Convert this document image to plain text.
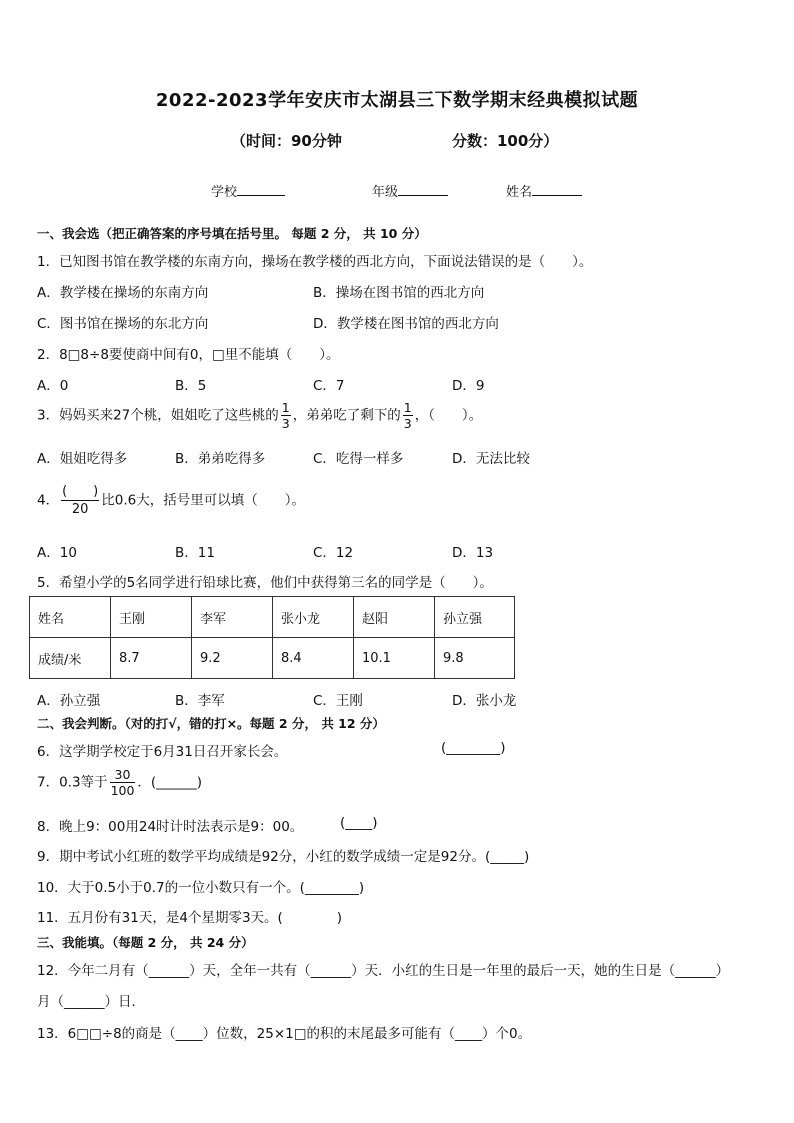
2022-2023学年安庆市太湖县三下数学期末经典模拟试题
（时间：90分钟	分数：100分）
学校	年级	姓名
一、我会选（把正确答案的序号填在括号里。 每题 2 分， 共 10 分）
1．已知图书馆在教学楼的东南方向，操场在教学楼的西北方向，下面说法错误的是（　　）。
A．教学楼在操场的东南方向	B．操场在图书馆的西北方向
C．图书馆在操场的东北方向	D．教学楼在图书馆的西北方向
2．8□8÷8要使商中间有0，□里不能填（　　）。
A．0	B．5	C．7	D．9
3．妈妈买来27个桃，姐姐吃了这些桃的 $\frac{1}{3}$ ，弟弟吃了剩下的 $\frac{1}{3}$ ，（　　）。
A．姐姐吃得多	B．弟弟吃得多	C．吃得一样多	D．无法比较
4． $\frac{( )}{20}$ 比0.6大，括号里可以填（　　）。
A．10	B．11	C．12	D．13
5．希望小学的5名同学进行铅球比赛，他们中获得第三名的同学是（　　）。
姓名	王刚	李军	张小龙	赵阳	孙立强
成绩/米	8.7	9.2	8.4	10.1	9.8
A．孙立强	B．李军	C．王刚	D．张小龙
二、我会判断。（对的打√，错的打×。每题 2 分， 共 12 分）
6．这学期学校定于6月31日召开家长会。	(________)
7．0.3等于 $\frac{30}{100}$ ．(______)
8．晚上9：00用24时计时法表示是9：00。	(____)
9．期中考试小红班的数学平均成绩是92分，小红的数学成绩一定是92分。(_____)
10．大于0.5小于0.7的一位小数只有一个。(________)
11．五月份有31天，是4个星期零3天。(　　　　)
三、我能填。（每题 2 分， 共 24 分）
12．今年二月有（______）天，全年一共有（______）天．小红的生日是一年里的最后一天，她的生日是（______）
月（______）日．
13．6□□÷8的商是（____）位数，25×1□的积的末尾最多可能有（____）个0。
